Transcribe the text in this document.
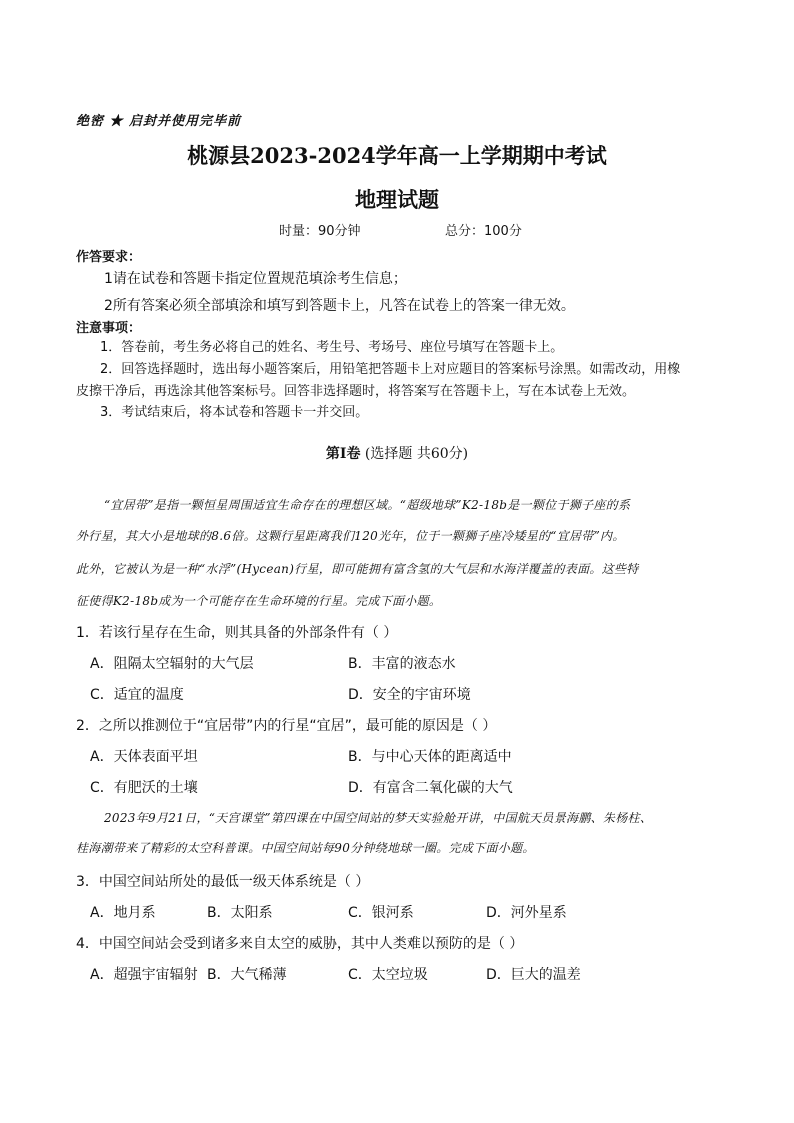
绝密 ★ 启封并使用完毕前
桃源县2023-2024学年高一上学期期中考试
地理试题
时量：90分钟	总分：100分
作答要求：
1请在试卷和答题卡指定位置规范填涂考生信息；
2所有答案必须全部填涂和填写到答题卡上，凡答在试卷上的答案一律无效。
注意事项：
1．答卷前，考生务必将自己的姓名、考生号、考场号、座位号填写在答题卡上。
2．回答选择题时，选出每小题答案后，用铅笔把答题卡上对应题目的答案标号涂黑。如需改动，用橡
皮擦干净后，再选涂其他答案标号。回答非选择题时，将答案写在答题卡上，写在本试卷上无效。
3．考试结束后，将本试卷和答题卡一并交回。
第Ⅰ卷 (选择题 共60分)
“宜居带”是指一颗恒星周围适宜生命存在的理想区域。“超级地球”K2-18b是一颗位于狮子座的系
外行星，其大小是地球的8.6倍。这颗行星距离我们120光年，位于一颗狮子座冷矮星的“宜居带”内。
此外，它被认为是一种“水浮”(Hycean)行星，即可能拥有富含氢的大气层和水海洋覆盖的表面。这些特
征使得K2-18b成为一个可能存在生命环境的行星。完成下面小题。
1．若该行星存在生命，则其具备的外部条件有（ ）
A．阻隔太空辐射的大气层	B．丰富的液态水
C．适宜的温度	D．安全的宇宙环境
2．之所以推测位于“宜居带”内的行星“宜居”，最可能的原因是（ ）
A．天体表面平坦	B．与中心天体的距离适中
C．有肥沃的土壤	D．有富含二氧化碳的大气
2023年9月21日，“天宫课堂”第四课在中国空间站的梦天实验舱开讲，中国航天员景海鹏、朱杨柱、
桂海潮带来了精彩的太空科普课。中国空间站每90分钟绕地球一圈。完成下面小题。
3．中国空间站所处的最低一级天体系统是（ ）
A．地月系	B．太阳系	C．银河系	D．河外星系
4．中国空间站会受到诸多来自太空的威胁，其中人类难以预防的是（ ）
A．超强宇宙辐射 B．大气稀薄	C．太空垃圾	D．巨大的温差
